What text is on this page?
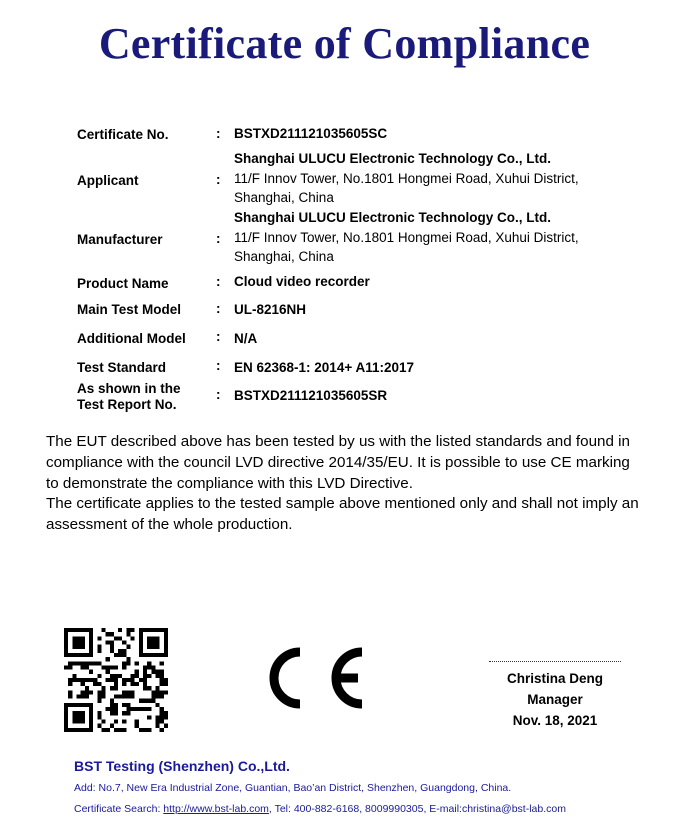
Certificate of Compliance
Certificate No.	: BSTXD211121035605SC
Shanghai ULUCU Electronic Technology Co., Ltd.
Applicant	: 11/F Innov Tower, No.1801 Hongmei Road, Xuhui District,
Shanghai, China
Shanghai ULUCU Electronic Technology Co., Ltd.
Manufacturer	: 11/F Innov Tower, No.1801 Hongmei Road, Xuhui District,
Shanghai, China
Product Name	: Cloud video recorder
Main Test Model	: UL-8216NH
Additional Model : N/A
Test Standard	: EN 62368-1: 2014+ A11:2017
As shown in the
Test Report No.
: BSTXD211121035605SR
The EUT described above has been tested by us with the listed standards and found in
compliance with the council LVD directive 2014/35/EU. It is possible to use CE marking
to demonstrate the compliance with this LVD Directive.
The certificate applies to the tested sample above mentioned only and shall not imply an
assessment of the whole production.
Christina Deng
Manager
Nov. 18, 2021
BST Testing (Shenzhen) Co.,Ltd.
Add: No.7, New Era Industrial Zone, Guantian, Bao’an District, Shenzhen, Guangdong, China.
Certificate Search: http://www.bst-lab.com, Tel: 400-882-6168, 8009990305, E-mail:christina@bst-lab.com
